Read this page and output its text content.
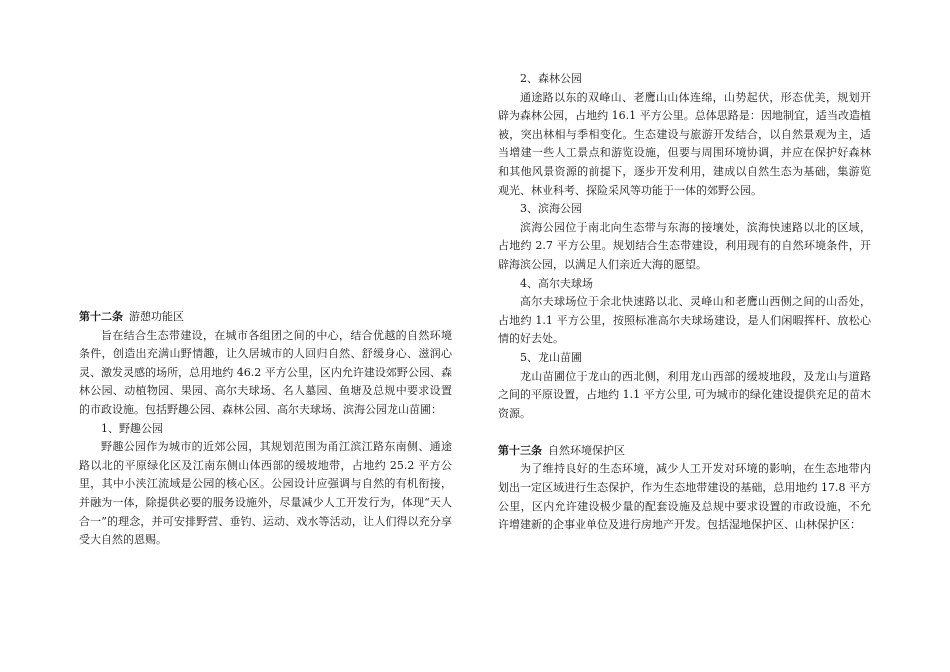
第十二条 游憩功能区

旨在结合生态带建设，在城市各组团之间的中心，结合优越的自然环境条件，创造出充满山野情趣，让久居城市的人回归自然、舒缓身心、滋润心灵、激发灵感的场所，总用地约 46.2 平方公里，区内允许建设郊野公园、森林公园、动植物园、果园、高尔夫球场、名人墓园、鱼塘及总规中要求设置的市政设施。包括野趣公园、森林公园、高尔夫球场、滨海公园龙山苗圃：

1、野趣公园

野趣公园作为城市的近郊公园，其规划范围为甬江滨江路东南侧、通途路以北的平原绿化区及江南东侧山体西部的缓坡地带，占地约 25.2 平方公里，其中小浃江流域是公园的核心区。公园设计应强调与自然的有机衔接，并融为一体，除提供必要的服务设施外，尽量减少人工开发行为，体现“天人合一”的理念，并可安排野营、垂钓、运动、戏水等活动，让人们得以充分享受大自然的恩赐。

2、森林公园

通途路以东的双峰山、老鹰山山体连绵，山势起伏，形态优美，规划开辟为森林公园，占地约 16.1 平方公里。总体思路是：因地制宜，适当改造植被，突出林相与季相变化。生态建设与旅游开发结合，以自然景观为主，适当增建一些人工景点和游览设施，但要与周围环境协调，并应在保护好森林和其他风景资源的前提下，逐步开发利用，建成以自然生态为基础，集游览观光、林业科考、探险采风等功能于一体的郊野公园。

3、滨海公园

滨海公园位于南北向生态带与东海的接壤处，滨海快速路以北的区域，占地约 2.7 平方公里。规划结合生态带建设，利用现有的自然环境条件，开辟海滨公园，以满足人们亲近大海的愿望。

4、高尔夫球场

高尔夫球场位于余北快速路以北、灵峰山和老鹰山西侧之间的山岙处，占地约 1.1 平方公里，按照标准高尔夫球场建设，是人们闲暇挥杆、放松心情的好去处。

5、龙山苗圃

龙山苗圃位于龙山的西北侧，利用龙山西部的缓坡地段，及龙山与道路之间的平原设置，占地约 1.1 平方公里, 可为城市的绿化建设提供充足的苗木资源。

第十三条 自然环境保护区

为了维持良好的生态环境，减少人工开发对环境的影响，在生态地带内划出一定区域进行生态保护，作为生态地带建设的基础，总用地约 17.8 平方公里，区内允许建设极少量的配套设施及总规中要求设置的市政设施，不允许增建新的企事业单位及进行房地产开发。包括湿地保护区、山林保护区：
